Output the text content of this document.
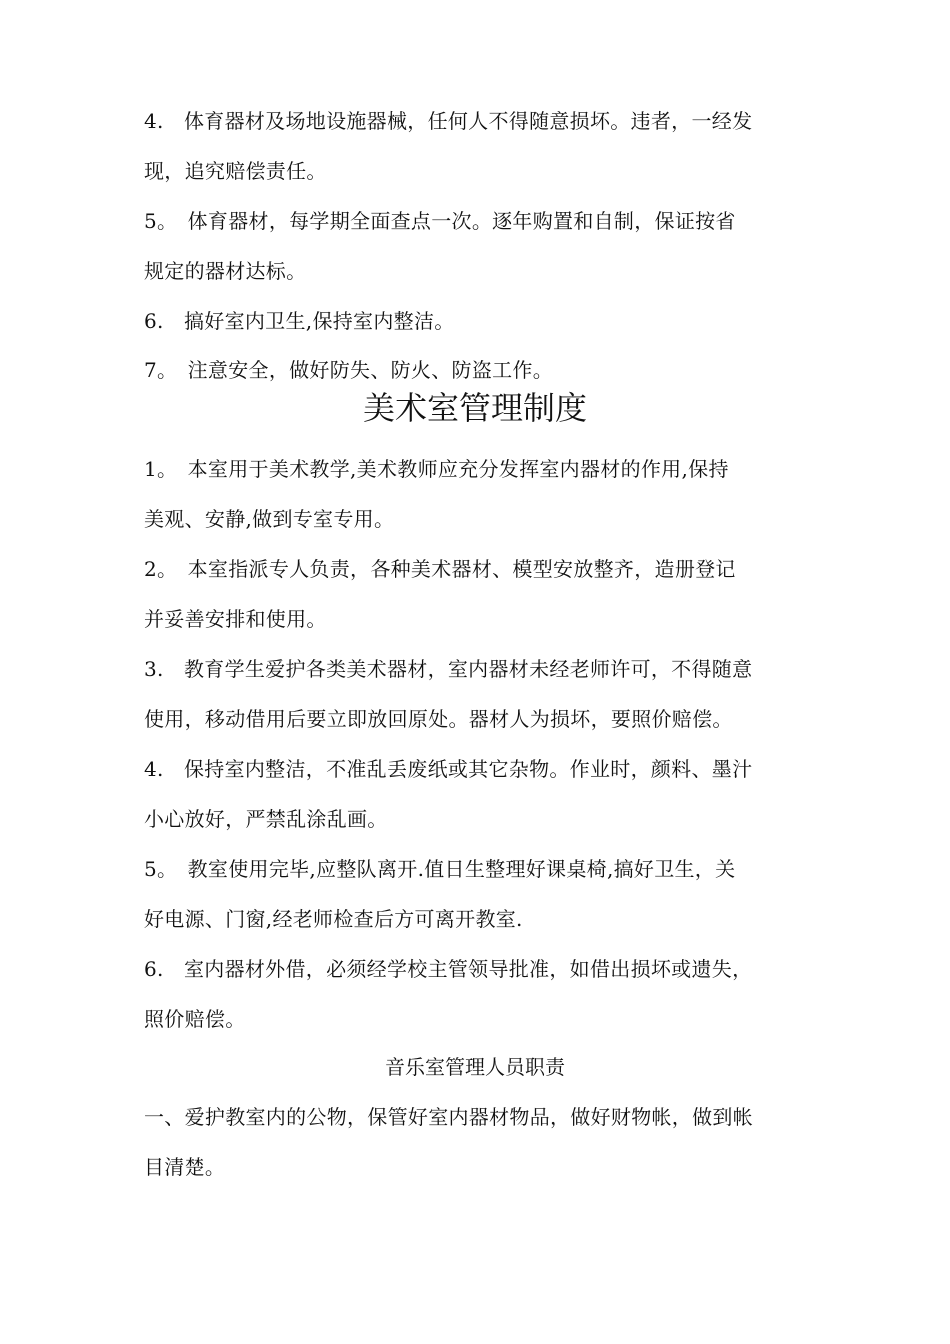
4.　体育器材及场地设施器械，任何人不得随意损坏。违者，一经发
现，追究赔偿责任。
5。　体育器材，每学期全面查点一次。逐年购置和自制，保证按省
规定的器材达标。
6.　搞好室内卫生,保持室内整洁。
7。　注意安全，做好防失、防火、防盗工作。
美术室管理制度
1。　本室用于美术教学,美术教师应充分发挥室内器材的作用,保持
美观、安静,做到专室专用。
2。　本室指派专人负责，各种美术器材、模型安放整齐，造册登记
并妥善安排和使用。
3.　教育学生爱护各类美术器材，室内器材未经老师许可，不得随意
使用，移动借用后要立即放回原处。器材人为损坏，要照价赔偿。
4.　保持室内整洁，不准乱丢废纸或其它杂物。作业时，颜料、墨汁
小心放好，严禁乱涂乱画。
5。　教室使用完毕,应整队离开.值日生整理好课桌椅,搞好卫生，关
好电源、门窗,经老师检查后方可离开教室.
6.　室内器材外借，必须经学校主管领导批准，如借出损坏或遗失，
照价赔偿。
音乐室管理人员职责
一、爱护教室内的公物，保管好室内器材物品，做好财物帐，做到帐
目清楚。
